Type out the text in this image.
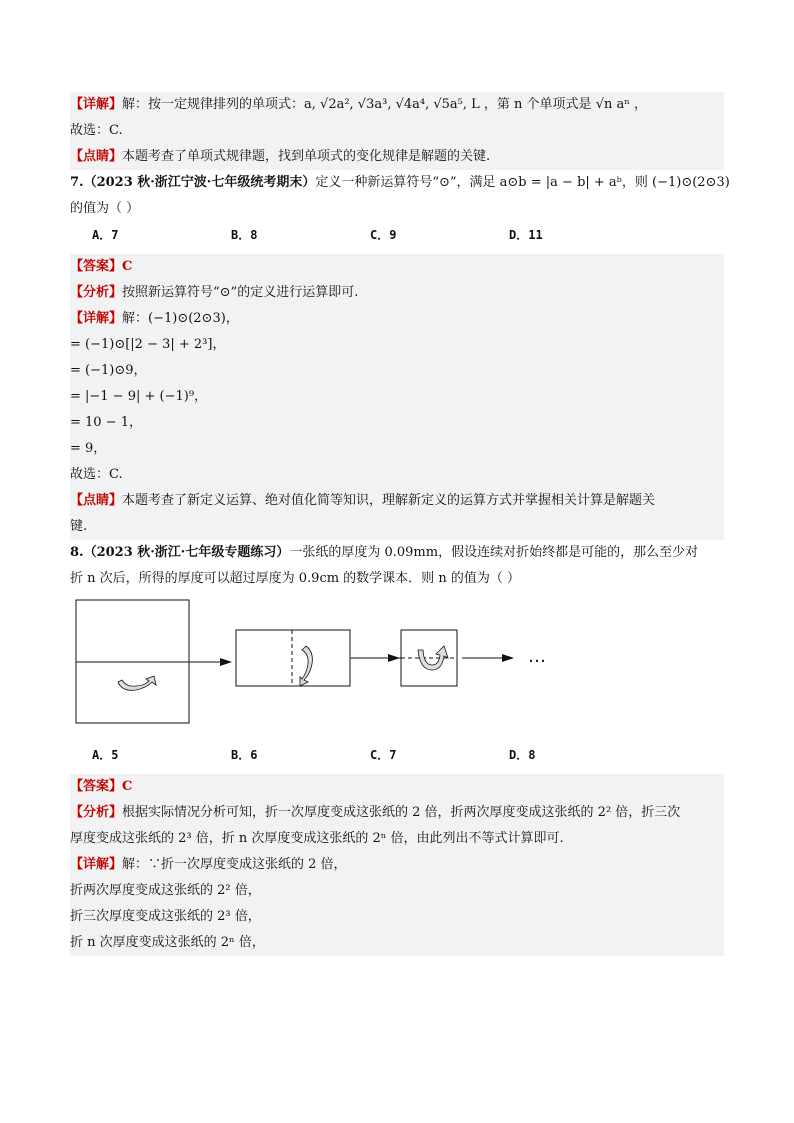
【详解】解：按一定规律排列的单项式：a, √2a², √3a³, √4a⁴, √5a⁵, L ，第 n 个单项式是 √n aⁿ ，
故选：C.
【点睛】本题考查了单项式规律题，找到单项式的变化规律是解题的关键.
7.（2023 秋·浙江宁波·七年级统考期末）定义一种新运算符号“⊙”，满足 a⊙b = |a − b| + aᵇ，则 (−1)⊙(2⊙3)
的值为（ ）
A．7	B．8	C．9	D．11
【答案】C
【分析】按照新运算符号“⊙”的定义进行运算即可.
【详解】解：(−1)⊙(2⊙3)，
= (−1)⊙[|2 − 3| + 2³]，
= (−1)⊙9，
= |−1 − 9| + (−1)⁹，
= 10 − 1，
= 9，
故选：C.
【点睛】本题考查了新定义运算、绝对值化简等知识，理解新定义的运算方式并掌握相关计算是解题关
键.
8.（2023 秋·浙江·七年级专题练习）一张纸的厚度为 0.09mm，假设连续对折始终都是可能的，那么至少对
折 n 次后，所得的厚度可以超过厚度为 0.9cm 的数学课本．则 n 的值为（ ）
…
A．5	B．6	C．7	D．8
【答案】C
【分析】根据实际情况分析可知，折一次厚度变成这张纸的 2 倍，折两次厚度变成这张纸的 2² 倍，折三次
厚度变成这张纸的 2³ 倍，折 n 次厚度变成这张纸的 2ⁿ 倍，由此列出不等式计算即可.
【详解】解：∵折一次厚度变成这张纸的 2 倍，
折两次厚度变成这张纸的 2² 倍，
折三次厚度变成这张纸的 2³ 倍，
折 n 次厚度变成这张纸的 2ⁿ 倍，
